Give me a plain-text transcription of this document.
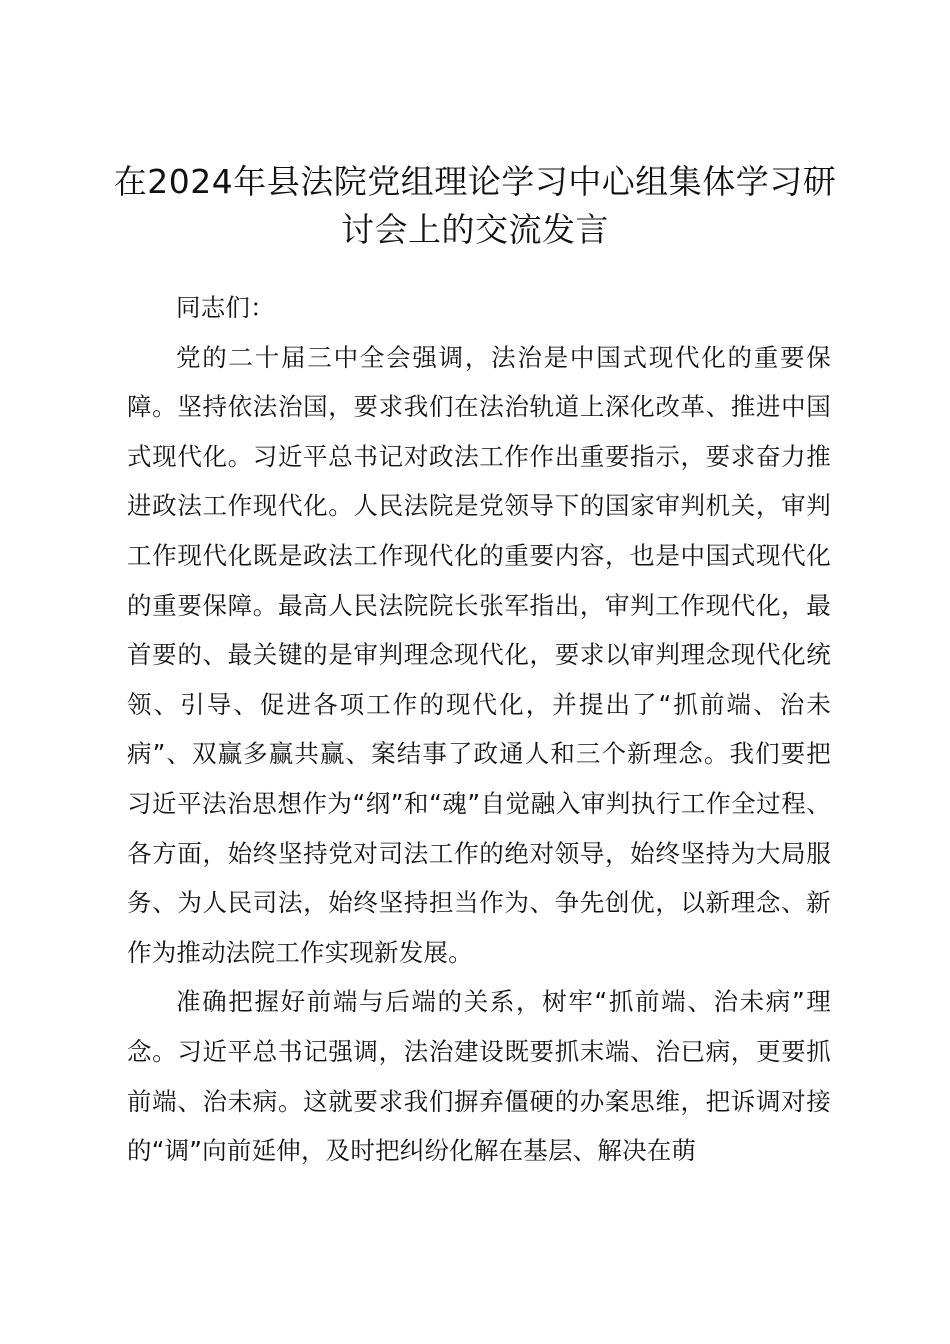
在2024年县法院党组理论学习中心组集体学习研讨会上的交流发言

同志们：

党的二十届三中全会强调，法治是中国式现代化的重要保障。坚持依法治国，要求我们在法治轨道上深化改革、推进中国式现代化。习近平总书记对政法工作作出重要指示，要求奋力推进政法工作现代化。人民法院是党领导下的国家审判机关，审判工作现代化既是政法工作现代化的重要内容，也是中国式现代化的重要保障。最高人民法院院长张军指出，审判工作现代化，最首要的、最关键的是审判理念现代化，要求以审判理念现代化统领、引导、促进各项工作的现代化，并提出了“抓前端、治未病”、双赢多赢共赢、案结事了政通人和三个新理念。我们要把习近平法治思想作为“纲”和“魂”自觉融入审判执行工作全过程、各方面，始终坚持党对司法工作的绝对领导，始终坚持为大局服务、为人民司法，始终坚持担当作为、争先创优，以新理念、新作为推动法院工作实现新发展。

准确把握好前端与后端的关系，树牢“抓前端、治未病”理念。习近平总书记强调，法治建设既要抓末端、治已病，更要抓前端、治未病。这就要求我们摒弃僵硬的办案思维，把诉调对接的“调”向前延伸，及时把纠纷化解在基层、解决在萌
